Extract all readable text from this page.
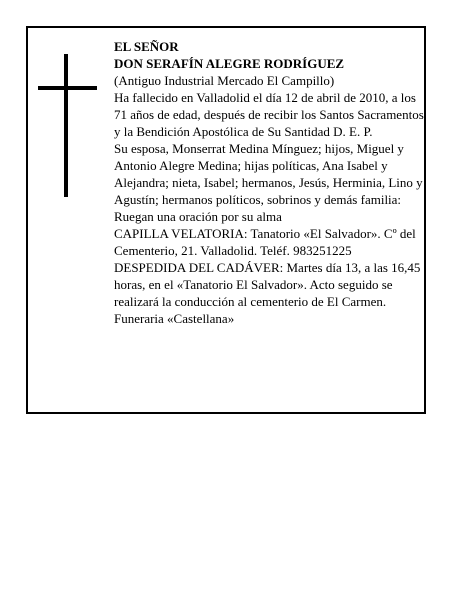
EL SEÑOR

DON SERAFÍN ALEGRE RODRÍGUEZ

(Antiguo Industrial Mercado El Campillo)

Ha fallecido en Valladolid el día 12 de abril de 2010, a los 71 años de edad, después de recibir los Santos Sacramentos y la Bendición Apostólica de Su Santidad D. E. P.

Su esposa, Monserrat Medina Mínguez; hijos, Miguel y Antonio Alegre Medina; hijas políticas, Ana Isabel y Alejandra; nieta, Isabel; hermanos, Jesús, Herminia, Lino y Agustín; hermanos políticos, sobrinos y demás familia:

Ruegan una oración por su alma

CAPILLA VELATORIA: Tanatorio «El Salvador». Cº del Cementerio, 21. Valladolid. Teléf. 983251225

DESPEDIDA DEL CADÁVER: Martes día 13, a las 16,45 horas, en el «Tanatorio El Salvador». Acto seguido se realizará la conducción al cementerio de El Carmen.

Funeraria «Castellana»
